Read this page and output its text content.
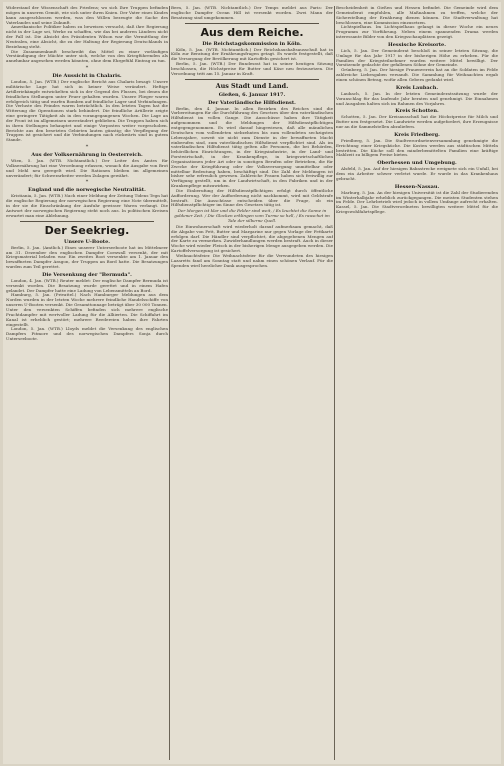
Widerstand der Wissenschaft des Friedens; wo sich Ihre Truppen befinden mögen in unseren Gemüt, wie sich unter ihren Knien. Der Vater eines Kindes kann ausgeschlossen werden, was den Willen bezeugte die Sache des Vaterlandes und seine Zukunft.

Amerikanische Politiker haben zu beweisen versucht, daß ihre Regierung nicht in der Lage sei, Werke zu schaffen, wie das bei anderen Ländern nicht der Fall ist. Die Absicht des Präsidenten Wilson war die Vermittlung der Neutralen, eine Absicht, die zu der Haltung der Regierung Deutschlands in Beziehung steht.

Die Zusammenkunft beschreibt das Mittel zu einer vorläufigen Verständigung der Mächte unter sich, welche von den Kriegführenden als annehmbar angesehen werden könnten, ohne dem Ehrgefühl Eintrag zu tun.

*
Die Aussicht in Chalaris.

London, 5. Jan. (WTB.) Der englische Bericht aus Chalaris besagt: Unsere militärische Lage hat sich in keiner Weise verändert. Heftige Artilleriekämpfe entwickelten sich in der Gegend des Flusses, bei denen die feindlichen Stellungen unter Feuer gehalten wurden. Unsere Flieger waren erfolgreich tätig und warfen Bomben auf feindliche Lager und Verbindungen. Die Verluste des Feindes waren beträchtlich. In den letzten Tagen hat die Witterung die Operationen stark behindert. Die feindliche Artillerie zeigte eine geringere Tätigkeit als in den vorangegangenen Wochen. Die Lage an der Front ist im allgemeinen unverändert geblieben. Die Truppen haben sich in ihren Stellungen behauptet und einige Vorposten weiter vorgeschoben. Berichte aus den besetzten Gebieten lauten günstig; die Verpflegung der Truppen ist gesichert und die Verbindungen nach rückwärts sind in gutem Stande.

*
Aus der Volksernährung in Oesterreich.

Wien, 5. Jan. (WTB. Nichtamtlich.) Der Leiter des Amtes für Volksernährung hat eine Verordnung erlassen, wonach die Ausgabe von Brot und Mehl neu geregelt wird. Die Rationen bleiben im allgemeinen unverändert; für Schwerarbeiter werden Zulagen gewährt.

*
England und die norwegische Neutralität.

Kristiania, 5. Jan. (WTB.) Nach einer Meldung der Zeitung Tidens Tegn hat die englische Regierung der norwegischen Regierung eine Note übermittelt, in der sie die Einschränkung der Ausfuhr gewisser Waren verlangt. Die Antwort der norwegischen Regierung steht noch aus. In politischen Kreisen erwartet man eine Ablehnung.

Der Seekrieg.
Unsere U-Boote.

Berlin, 5. Jan. (Amtlich.) Eines unserer Unterseeboote hat im Mittelmeer am 31. Dezember den englischen Dampfer Cornwall versenkt, der mit Kriegsmaterial beladen war. Ein zweites Boot versenkte am 1. Januar den bewaffneten Dampfer Aragon, der Truppen an Bord hatte. Die Besatzungen wurden zum Teil gerettet.

Die Versenkung der "Bermuda".

London, 4. Jan. (WTB.) Reuter meldet: Der englische Dampfer Bermuda ist versenkt worden. Die Besatzung wurde gerettet und in einem Hafen gelandet. Der Dampfer hatte eine Ladung von Lebensmitteln an Bord.

Hamburg, 5. Jan. (Privattel.) Nach Hamburger Meldungen aus dem Norden wurden in der letzten Woche mehrere feindliche Handelsschiffe von unseren U-Booten versenkt. Die Gesamttonnage beträgt über 30 000 Tonnen. Unter den versenkten Schiffen befinden sich mehrere englische Frachtdampfer mit wertvoller Ladung für die Alliierten. Die Schiffahrt im Kanal ist erheblich gestört; mehrere Reedereien haben ihre Fahrten eingestellt.

London, 5. Jan. (WTB.) Lloyds meldet die Versenkung des englischen Dampfers Pitmore und des norwegischen Dampfers Sonja durch Unterseeboote.

Bern, 5. Jan. (WTB. Nichtamtlich.) Der Temps meldet aus Paris: Der englische Dampfer Ocean Hill ist versenkt worden. Zwei Mann der Besatzung sind umgekommen.

Aus dem Reiche.
Die Reichstagskommission in Köln.

Köln, 5. Jan. (WTB. Nichtamtlich.) Der Reichshaushaltsausschuß hat in Köln zur Beratung der Ernährungsfragen getagt. Es wurde festgestellt, daß die Versorgung der Bevölkerung mit Kartoffeln gesichert ist.

Berlin, 5. Jan. (WTB.) Der Bundesrat hat in seiner heutigen Sitzung beschlossen, die Höchstpreise für Butter und Käse neu festzusetzen. Die Verordnung tritt am 15. Januar in Kraft.

Aus Stadt und Land.
Gießen, 6. Januar 1917.
Der Vaterländische Hilfsdienst.

Berlin, den 4. Januar. In allen Bezirken des Reiches sind die Vorbereitungen für die Durchführung des Gesetzes über den vaterländischen Hilfsdienst im vollen Gange. Die Ausschüsse haben ihre Tätigkeit aufgenommen und die Meldungen der Hilfsdienstpflichtigen entgegengenommen. Es wird darauf hingewiesen, daß alle männlichen Deutschen vom vollendeten siebzehnten bis zum vollendeten sechzigsten Lebensjahre, soweit sie nicht zum Dienste in der bewaffneten Macht einberufen sind, zum vaterländischen Hilfsdienst verpflichtet sind. Als im vaterländischen Hilfsdienst tätig gelten alle Personen, die bei Behörden, behördlichen Einrichtungen, in der Kriegsindustrie, in der Land- und Forstwirtschaft, in der Krankenpflege, in kriegswirtschaftlichen Organisationen jeder Art oder in sonstigen Berufen oder Betrieben, die für Zwecke der Kriegführung oder der Volksversorgung unmittelbar oder mittelbar Bedeutung haben, beschäftigt sind. Die Zahl der Meldungen ist bisher sehr erfreulich gewesen. Zahlreiche Frauen haben sich freiwillig zur Verfügung gestellt, um in der Landwirtschaft, in den Fabriken und in der Krankenpflege mitzuwirken.

Die Einberufung der Hilfsdienstpflichtigen erfolgt durch öffentliche Aufforderung. Wer der Aufforderung nicht nachkommt, wird mit Geldstrafe bestraft. Die Ausschüsse entscheiden über die Frage, ob ein Hilfsdienstpflichtiger im Sinne des Gesetzes tätig ist.

Der Morgen ist klar und die Felder sind weit, / Es leuchtet die Sonne in goldener Zeit. / Die Glocken erklingen vom Turme so hell, / Es rauschet im Tale der silberne Quell.

Die Einwohnerschaft wird wiederholt darauf aufmerksam gemacht, daß die Abgabe von Fett, Butter und Margarine nur gegen Vorlage der Fettkarte erfolgen darf. Die Händler sind verpflichtet, die abgegebenen Mengen auf der Karte zu vermerken. Zuwiderhandlungen werden bestraft. Auch in dieser Woche wird wieder Fleisch in der bisherigen Menge ausgegeben werden. Die Kartoffelversorgung ist gesichert.

Weihnachtsfeier. Die Weihnachtsfeier für die Verwundeten des hiesigen Lazaretts fand am Sonntag statt und nahm einen schönen Verlauf. Für die Spenden wird herzlicher Dank ausgesprochen.

Bescheidenheit in Gießen und Hessen befindet. Die Gemeinde wird dem Gemeinderat empfohlen, alle Maßnahmen zu treffen, welche der Sicherstellung der Ernährung dienen können. Die Stadtverwaltung hat beschlossen, eine Kommission einzusetzen.

Lichtspielhaus. Im Lichtspielhaus gelangt in dieser Woche ein neues Programm zur Vorführung. Neben einem spannenden Drama werden interessante Bilder von den Kriegsschauplätzen gezeigt.

Hessische Kreisorte.

Lich, 5. Jan. Der Gemeinderat beschloß in seiner letzten Sitzung, die Umlage für das Jahr 1917 in der bisherigen Höhe zu erheben. Für die Familien der Kriegsteilnehmer wurden weitere Mittel bewilligt. Der Vorsitzende gedachte der gefallenen Söhne der Gemeinde.

Grünberg, 5. Jan. Der hiesige Frauenverein hat an die Soldaten im Felde zahlreiche Liebesgaben versandt. Die Sammlung für Weihnachten ergab einen schönen Betrag, wofür allen Gebern gedankt wird.

Kreis Laubach.

Laubach, 5. Jan. In der letzten Gemeinderatssitzung wurde der Voranschlag für das laufende Jahr beraten und genehmigt. Die Einnahmen und Ausgaben halten sich im Rahmen des Vorjahres.

Kreis Schotten.

Schotten, 5. Jan. Der Kreisausschuß hat die Höchstpreise für Milch und Butter neu festgesetzt. Die Landwirte werden aufgefordert, ihre Erzeugnisse nur an die Sammelstellen abzuliefern.

Kreis Friedberg.

Friedberg, 5. Jan. Die Stadtverordnetenversammlung genehmigte die Errichtung einer Kriegsküche. Die Kosten werden aus städtischen Mitteln bestritten. Die Küche soll den minderbemittelten Familien eine kräftige Mahlzeit zu billigem Preise bieten.

Oberhessen und Umgebung.

Alsfeld, 5. Jan. Auf der hiesigen Bahnstrecke ereignete sich ein Unfall, bei dem ein Arbeiter schwer verletzt wurde. Er wurde in das Krankenhaus gebracht.

Hessen-Nassau.

Marburg, 5. Jan. An der hiesigen Universität ist die Zahl der Studierenden im Winterhalbjahr erheblich zurückgegangen. Die meisten Studenten stehen im Felde. Der Lehrbetrieb wird jedoch in vollem Umfange aufrecht erhalten. Kassel, 5. Jan. Die Stadtverordneten bewilligten weitere Mittel für die Kriegswohlfahrtspflege.
